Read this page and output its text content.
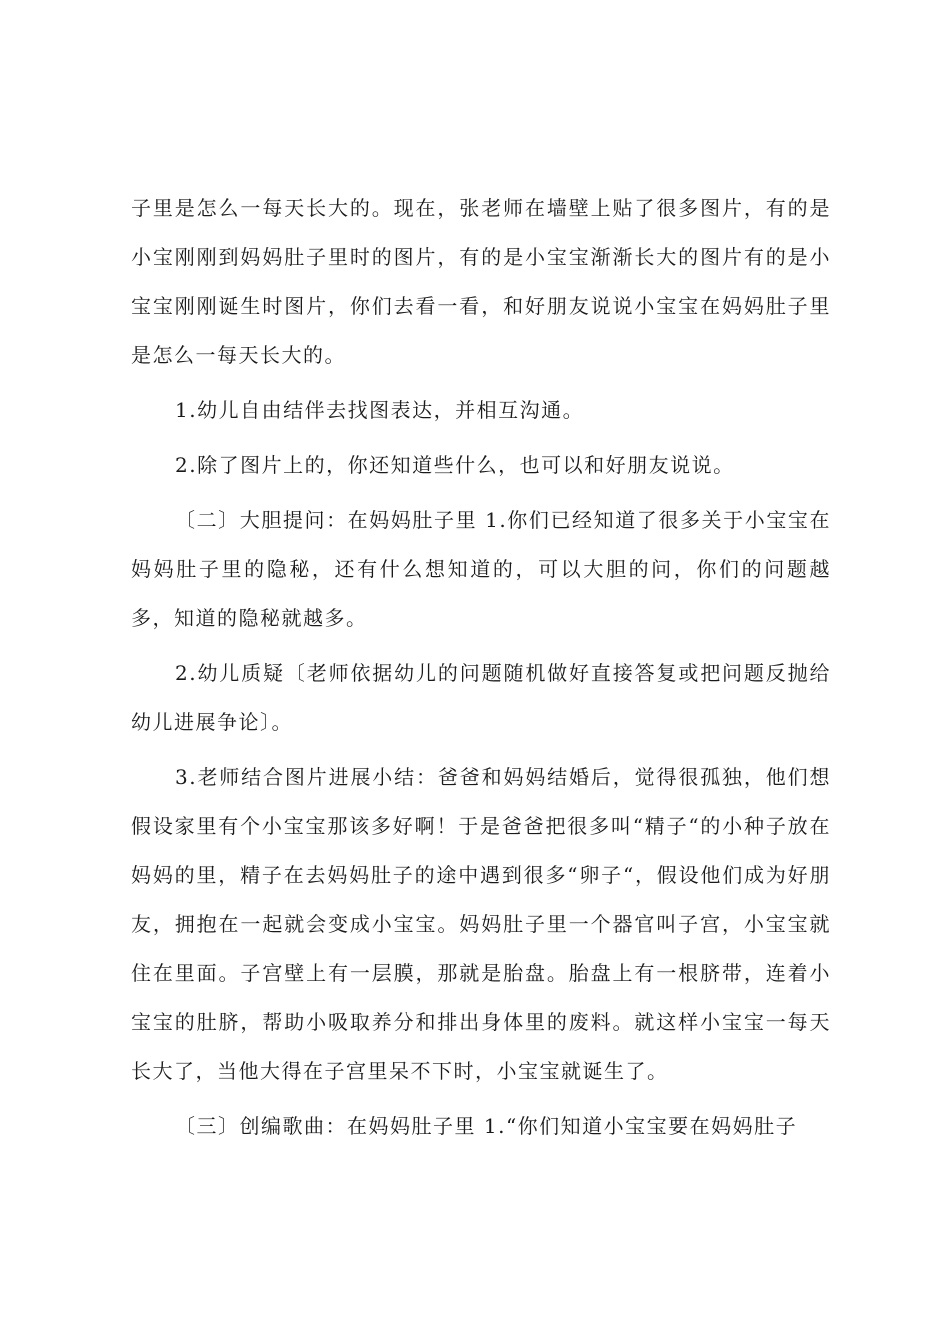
子里是怎么一每天长大的。现在，张老师在墙壁上贴了很多图片，有的是小宝刚刚到妈妈肚子里时的图片，有的是小宝宝渐渐长大的图片有的是小宝宝刚刚诞生时图片，你们去看一看，和好朋友说说小宝宝在妈妈肚子里是怎么一每天长大的。

1.幼儿自由结伴去找图表达，并相互沟通。

2.除了图片上的，你还知道些什么，也可以和好朋友说说。

〔二〕大胆提问：在妈妈肚子里 1.你们已经知道了很多关于小宝宝在妈妈肚子里的隐秘，还有什么想知道的，可以大胆的问，你们的问题越多，知道的隐秘就越多。

2.幼儿质疑〔老师依据幼儿的问题随机做好直接答复或把问题反抛给幼儿进展争论〕。

3.老师结合图片进展小结：爸爸和妈妈结婚后，觉得很孤独，他们想假设家里有个小宝宝那该多好啊！于是爸爸把很多叫“精子“的小种子放在妈妈的里，精子在去妈妈肚子的途中遇到很多“卵子“，假设他们成为好朋友，拥抱在一起就会变成小宝宝。妈妈肚子里一个器官叫子宫，小宝宝就住在里面。子宫壁上有一层膜，那就是胎盘。胎盘上有一根脐带，连着小宝宝的肚脐，帮助小吸取养分和排出身体里的废料。就这样小宝宝一每天长大了，当他大得在子宫里呆不下时，小宝宝就诞生了。

〔三〕创编歌曲：在妈妈肚子里 1.“你们知道小宝宝要在妈妈肚子
